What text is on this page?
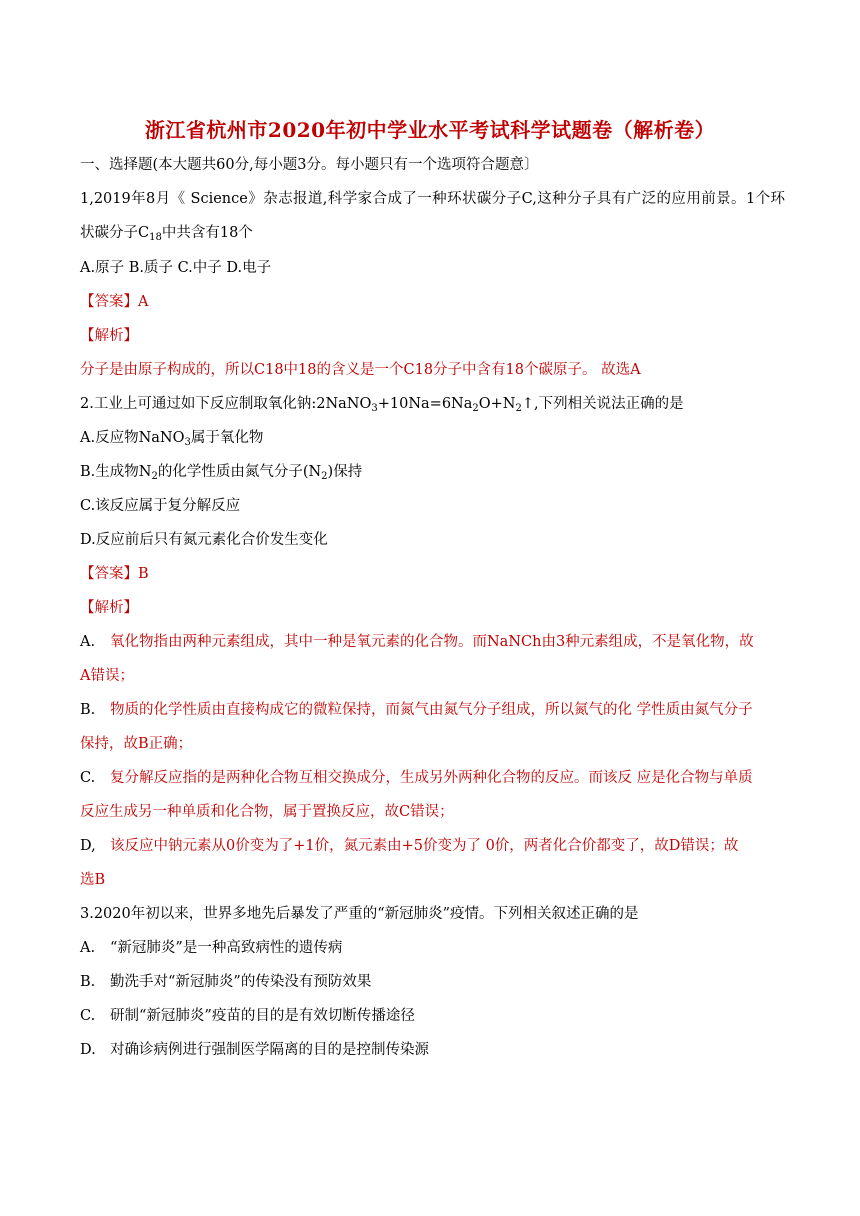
浙江省杭州市2020年初中学业水平考试科学试题卷（解析卷）
一、选择题(本大题共60分,每小题3分。每小题只有一个选项符合题意〕
1,2019年8月《 Science》杂志报道,科学家合成了一种环状碳分子C,这种分子具有广泛的应用前景。1个环
状碳分子$C_{18}$中共含有18个
A.原子 B.质子 C.中子 D.电子
【答案】A
【解析】
分子是由原子构成的，所以C18中18的含义是一个C18分子中含有18个碳原子。 故选A
2.工业上可通过如下反应制取氧化钠$:2NaNO_3+10Na=6Na_2O+N_2↑$,下列相关说法正确的是
A.反应物NaNO$_3$属于氧化物
B.生成物$N_2$的化学性质由氮气分子$(N_2)$保持
C.该反应属于复分解反应
D.反应前后只有氮元素化合价发生变化
【答案】B
【解析】
A. 氧化物指由两种元素组成，其中一种是氧元素的化合物。而NaNCh由3种元素组成，不是氧化物，故
A错误；
B. 物质的化学性质由直接构成它的微粒保持，而氮气由氮气分子组成，所以氮气的化 学性质由氮气分子
保持，故B正确；
C. 复分解反应指的是两种化合物互相交换成分，生成另外两种化合物的反应。而该反 应是化合物与单质
反应生成另一种单质和化合物，属于置换反应，故C错误；
D, 该反应中钠元素从0价变为了+1价，氮元素由+5价变为了 0价，两者化合价都变了，故D错误；故
选B
3.2020年初以来，世界多地先后暴发了严重的“新冠肺炎”疫情。下列相关叙述正确的是
A. “新冠肺炎”是一种高致病性的遗传病
B. 勤洗手对“新冠肺炎”的传染没有预防效果
C. 研制“新冠肺炎”疫苗的目的是有效切断传播途径
D. 对确诊病例进行强制医学隔离的目的是控制传染源
